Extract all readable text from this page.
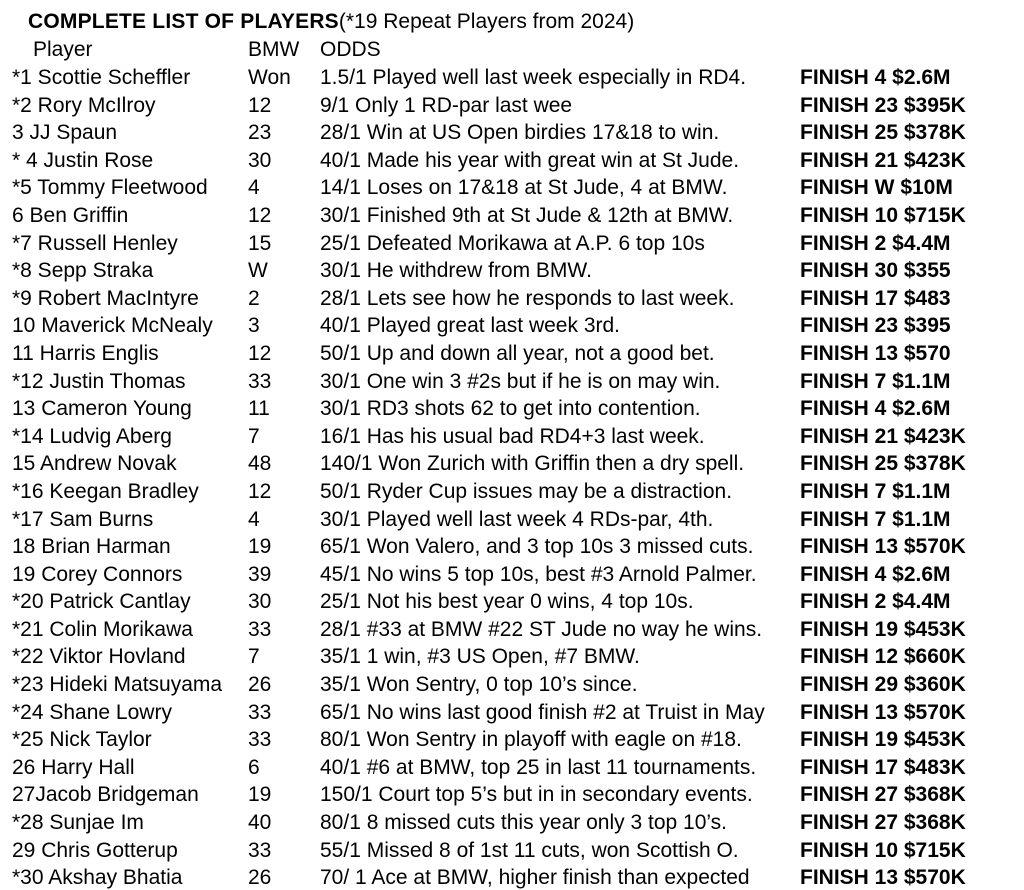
COMPLETE LIST OF PLAYERS(*19 Repeat Players from 2024)
Player	BMW ODDS
*1 Scottie Scheffler	Won	1.5/1 Played well last week especially in RD4.	FINISH 4 $2.6M
*2 Rory McIlroy	12	9/1 Only 1 RD-par last wee	FINISH 23 $395K
3 JJ Spaun	23	28/1 Win at US Open birdies 17&18 to win.	FINISH 25 $378K
* 4 Justin Rose	30	40/1 Made his year with great win at St Jude.	FINISH 21 $423K
*5 Tommy Fleetwood	4	14/1 Loses on 17&18 at St Jude, 4 at BMW.	FINISH W $10M
6 Ben Griffin	12	30/1 Finished 9th at St Jude & 12th at BMW.	FINISH 10 $715K
*7 Russell Henley	15	25/1 Defeated Morikawa at A.P. 6 top 10s	FINISH 2 $4.4M
*8 Sepp Straka	W	30/1 He withdrew from BMW.	FINISH 30 $355
*9 Robert MacIntyre	2	28/1 Lets see how he responds to last week.	FINISH 17 $483
10 Maverick McNealy	3	40/1 Played great last week 3rd.	FINISH 23 $395
11 Harris Englis	12	50/1 Up and down all year, not a good bet.	FINISH 13 $570
*12 Justin Thomas	33	30/1 One win 3 #2s but if he is on may win.	FINISH 7 $1.1M
13 Cameron Young	11	30/1 RD3 shots 62 to get into contention.	FINISH 4 $2.6M
*14 Ludvig Aberg	7	16/1 Has his usual bad RD4+3 last week.	FINISH 21 $423K
15 Andrew Novak	48	140/1 Won Zurich with Griffin then a dry spell.	FINISH 25 $378K
*16 Keegan Bradley	12	50/1 Ryder Cup issues may be a distraction.	FINISH 7 $1.1M
*17 Sam Burns	4	30/1 Played well last week 4 RDs-par, 4th.	FINISH 7 $1.1M
18 Brian Harman	19	65/1 Won Valero, and 3 top 10s 3 missed cuts.	FINISH 13 $570K
19 Corey Connors	39	45/1 No wins 5 top 10s, best #3 Arnold Palmer.	FINISH 4 $2.6M
*20 Patrick Cantlay	30	25/1 Not his best year 0 wins, 4 top 10s.	FINISH 2 $4.4M
*21 Colin Morikawa	33	28/1 #33 at BMW #22 ST Jude no way he wins.	FINISH 19 $453K
*22 Viktor Hovland	7	35/1 1 win, #3 US Open, #7 BMW.	FINISH 12 $660K
*23 Hideki Matsuyama	26	35/1 Won Sentry, 0 top 10’s since.	FINISH 29 $360K
*24 Shane Lowry	33	65/1 No wins last good finish #2 at Truist in May	FINISH 13 $570K
*25 Nick Taylor	33	80/1 Won Sentry in playoff with eagle on #18.	FINISH 19 $453K
26 Harry Hall	6	40/1 #6 at BMW, top 25 in last 11 tournaments.	FINISH 17 $483K
27Jacob Bridgeman	19	150/1 Court top 5’s but in in secondary events.	FINISH 27 $368K
*28 Sunjae Im	40	80/1 8 missed cuts this year only 3 top 10’s.	FINISH 27 $368K
29 Chris Gotterup	33	55/1 Missed 8 of 1st 11 cuts, won Scottish O.	FINISH 10 $715K
*30 Akshay Bhatia	26	70/ 1 Ace at BMW, higher finish than expected	FINISH 13 $570K
